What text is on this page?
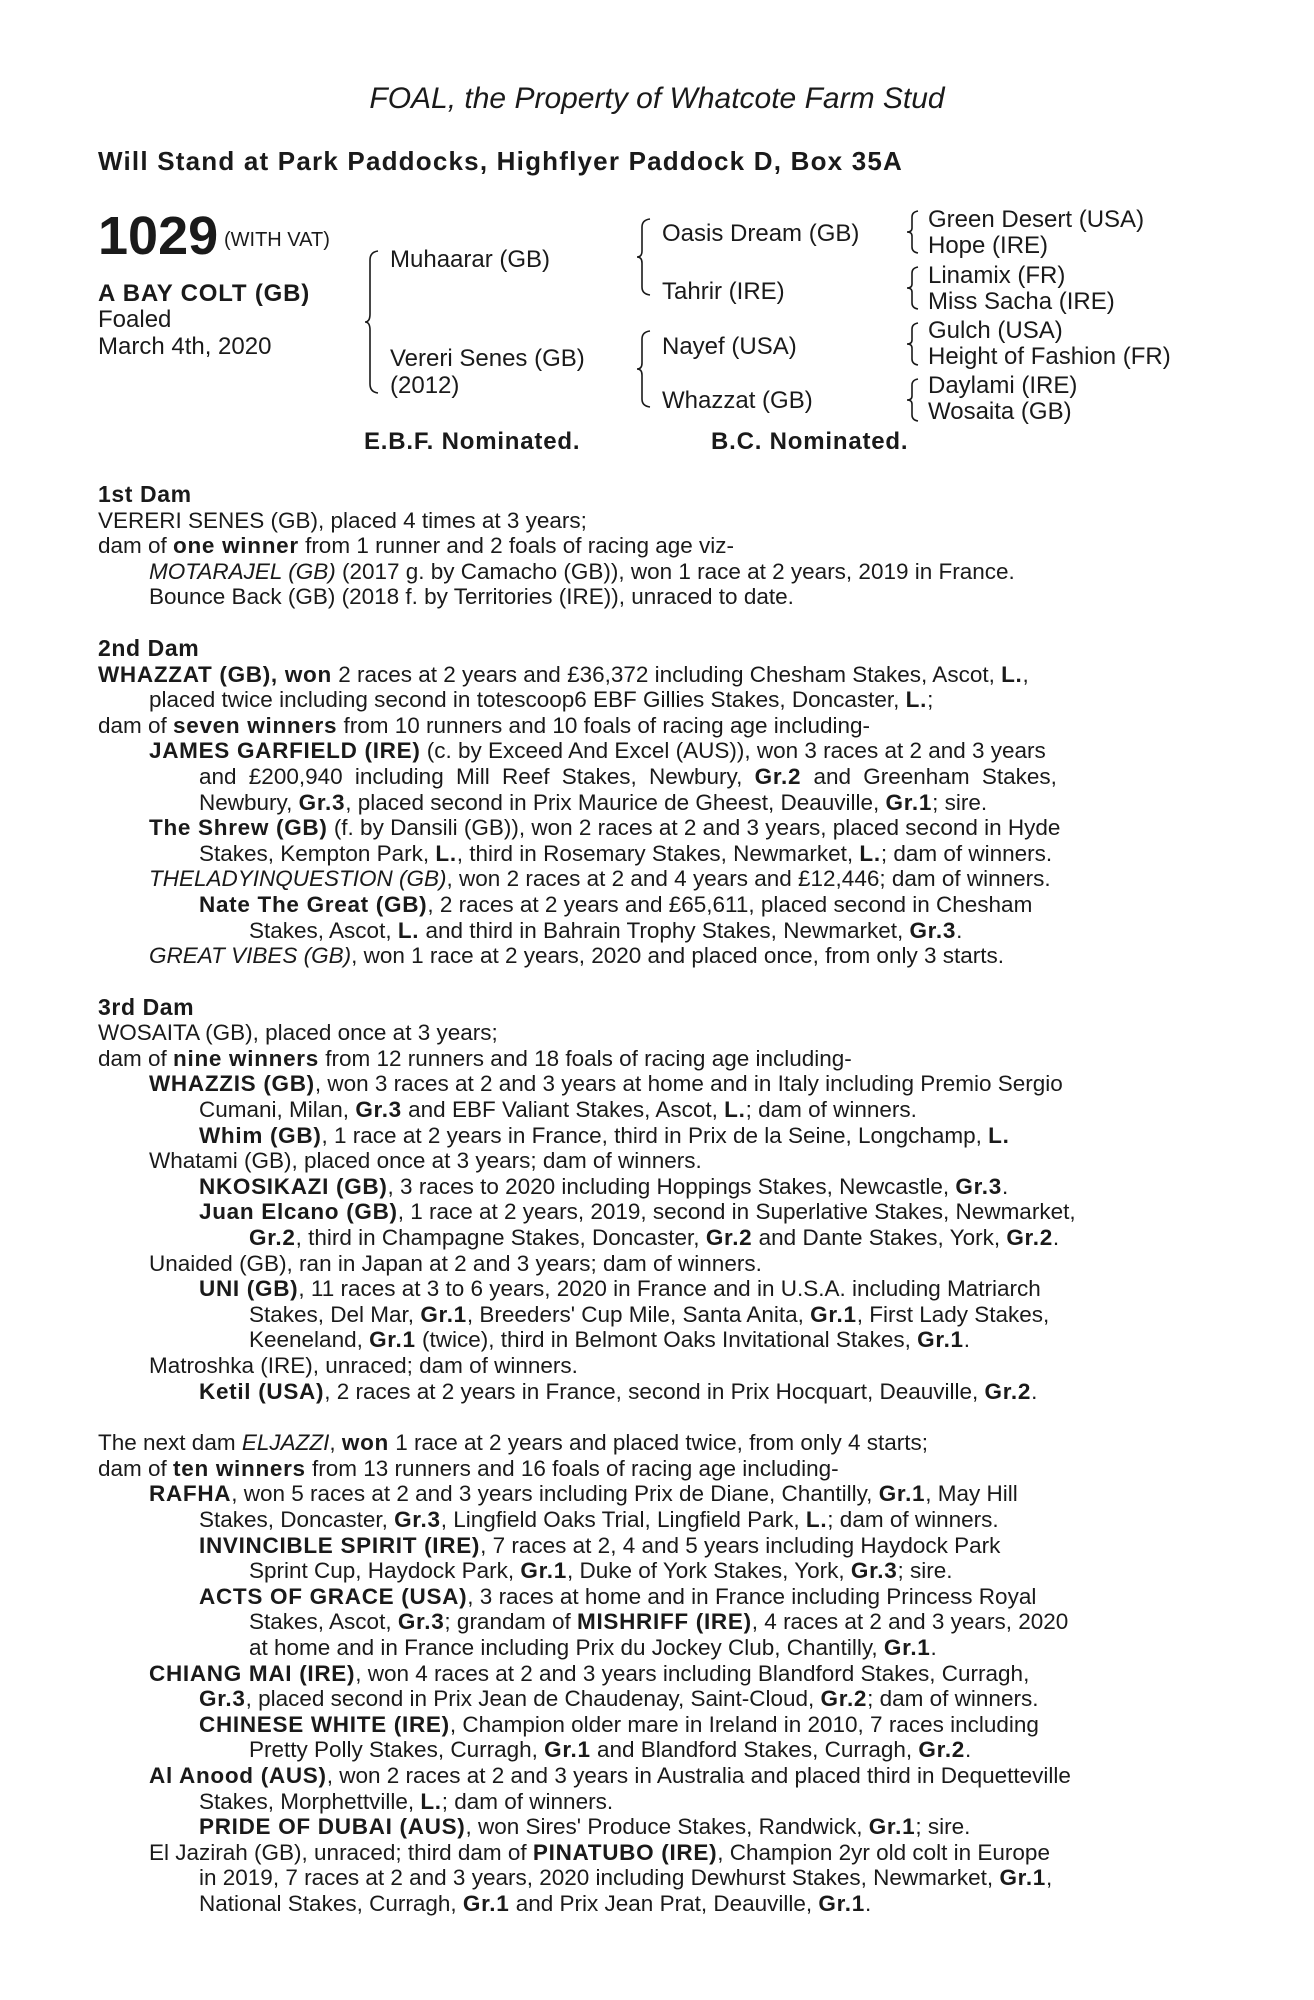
FOAL, the Property of Whatcote Farm Stud
Will Stand at Park Paddocks, Highflyer Paddock D, Box 35A
1029 (WITH VAT)
A BAY COLT (GB)
Foaled
March 4th, 2020
Muhaarar (GB)
Vereri Senes (GB)
(2012)
Oasis Dream (GB)
Tahrir (IRE)
Nayef (USA)
Whazzat (GB)
Green Desert (USA)
Hope (IRE)
Linamix (FR)
Miss Sacha (IRE)
Gulch (USA)
Height of Fashion (FR)
Daylami (IRE)
Wosaita (GB)
E.B.F. Nominated.	B.C. Nominated.
1st Dam
VERERI SENES (GB), placed 4 times at 3 years;
dam of one winner from 1 runner and 2 foals of racing age viz-
MOTARAJEL (GB) (2017 g. by Camacho (GB)), won 1 race at 2 years, 2019 in France.
Bounce Back (GB) (2018 f. by Territories (IRE)), unraced to date.
2nd Dam
WHAZZAT (GB), won 2 races at 2 years and £36,372 including Chesham Stakes, Ascot, L.,
placed twice including second in totescoop6 EBF Gillies Stakes, Doncaster, L.;
dam of seven winners from 10 runners and 10 foals of racing age including-
JAMES GARFIELD (IRE) (c. by Exceed And Excel (AUS)), won 3 races at 2 and 3 years
and £200,940 including Mill Reef Stakes, Newbury, Gr.2 and Greenham Stakes,
Newbury, Gr.3, placed second in Prix Maurice de Gheest, Deauville, Gr.1; sire.
The Shrew (GB) (f. by Dansili (GB)), won 2 races at 2 and 3 years, placed second in Hyde
Stakes, Kempton Park, L., third in Rosemary Stakes, Newmarket, L.; dam of winners.
THELADYINQUESTION (GB), won 2 races at 2 and 4 years and £12,446; dam of winners.
Nate The Great (GB), 2 races at 2 years and £65,611, placed second in Chesham
Stakes, Ascot, L. and third in Bahrain Trophy Stakes, Newmarket, Gr.3.
GREAT VIBES (GB), won 1 race at 2 years, 2020 and placed once, from only 3 starts.
3rd Dam
WOSAITA (GB), placed once at 3 years;
dam of nine winners from 12 runners and 18 foals of racing age including-
WHAZZIS (GB), won 3 races at 2 and 3 years at home and in Italy including Premio Sergio
Cumani, Milan, Gr.3 and EBF Valiant Stakes, Ascot, L.; dam of winners.
Whim (GB), 1 race at 2 years in France, third in Prix de la Seine, Longchamp, L.
Whatami (GB), placed once at 3 years; dam of winners.
NKOSIKAZI (GB), 3 races to 2020 including Hoppings Stakes, Newcastle, Gr.3.
Juan Elcano (GB), 1 race at 2 years, 2019, second in Superlative Stakes, Newmarket,
Gr.2, third in Champagne Stakes, Doncaster, Gr.2 and Dante Stakes, York, Gr.2.
Unaided (GB), ran in Japan at 2 and 3 years; dam of winners.
UNI (GB), 11 races at 3 to 6 years, 2020 in France and in U.S.A. including Matriarch
Stakes, Del Mar, Gr.1, Breeders' Cup Mile, Santa Anita, Gr.1, First Lady Stakes,
Keeneland, Gr.1 (twice), third in Belmont Oaks Invitational Stakes, Gr.1.
Matroshka (IRE), unraced; dam of winners.
Ketil (USA), 2 races at 2 years in France, second in Prix Hocquart, Deauville, Gr.2.
The next dam ELJAZZI, won 1 race at 2 years and placed twice, from only 4 starts;
dam of ten winners from 13 runners and 16 foals of racing age including-
RAFHA, won 5 races at 2 and 3 years including Prix de Diane, Chantilly, Gr.1, May Hill
Stakes, Doncaster, Gr.3, Lingfield Oaks Trial, Lingfield Park, L.; dam of winners.
INVINCIBLE SPIRIT (IRE), 7 races at 2, 4 and 5 years including Haydock Park
Sprint Cup, Haydock Park, Gr.1, Duke of York Stakes, York, Gr.3; sire.
ACTS OF GRACE (USA), 3 races at home and in France including Princess Royal
Stakes, Ascot, Gr.3; grandam of MISHRIFF (IRE), 4 races at 2 and 3 years, 2020
at home and in France including Prix du Jockey Club, Chantilly, Gr.1.
CHIANG MAI (IRE), won 4 races at 2 and 3 years including Blandford Stakes, Curragh,
Gr.3, placed second in Prix Jean de Chaudenay, Saint-Cloud, Gr.2; dam of winners.
CHINESE WHITE (IRE), Champion older mare in Ireland in 2010, 7 races including
Pretty Polly Stakes, Curragh, Gr.1 and Blandford Stakes, Curragh, Gr.2.
Al Anood (AUS), won 2 races at 2 and 3 years in Australia and placed third in Dequetteville
Stakes, Morphettville, L.; dam of winners.
PRIDE OF DUBAI (AUS), won Sires' Produce Stakes, Randwick, Gr.1; sire.
El Jazirah (GB), unraced; third dam of PINATUBO (IRE), Champion 2yr old colt in Europe
in 2019, 7 races at 2 and 3 years, 2020 including Dewhurst Stakes, Newmarket, Gr.1,
National Stakes, Curragh, Gr.1 and Prix Jean Prat, Deauville, Gr.1.
